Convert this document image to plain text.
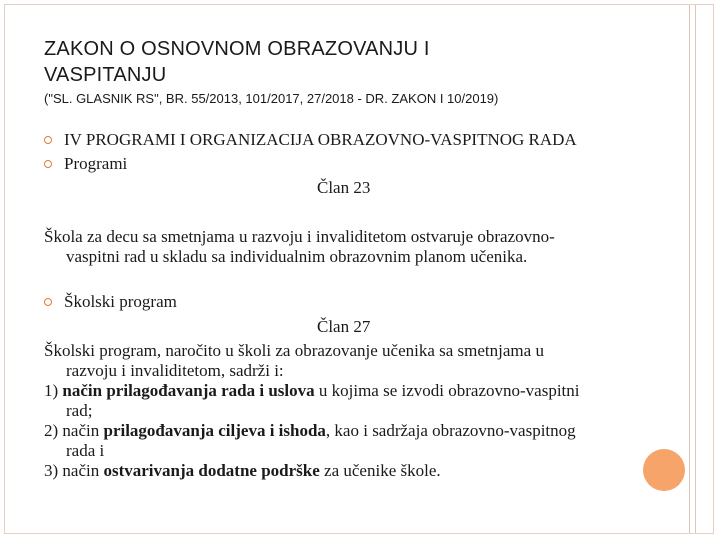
ZAKON O OSNOVNOM OBRAZOVANJU I
VASPITANJU
("SL. GLASNIK RS", BR. 55/2013, 101/2017, 27/2018 - DR. ZAKON I 10/2019)
IV PROGRAMI I ORGANIZACIJA OBRAZOVNO-VASPITNOG RADA
Programi
Član 23
Škola za decu sa smetnjama u razvoju i invaliditetom ostvaruje obrazovno-
vaspitni rad u skladu sa individualnim obrazovnim planom učenika.
Školski program
Član 27
Školski program, naročito u školi za obrazovanje učenika sa smetnjama u
razvoju i invaliditetom, sadrži i:
1) način prilagođavanja rada i uslova u kojima se izvodi obrazovno-vaspitni
rad;
2) način prilagođavanja ciljeva i ishoda, kao i sadržaja obrazovno-vaspitnog
rada i
3) način ostvarivanja dodatne podrške za učenike škole.
